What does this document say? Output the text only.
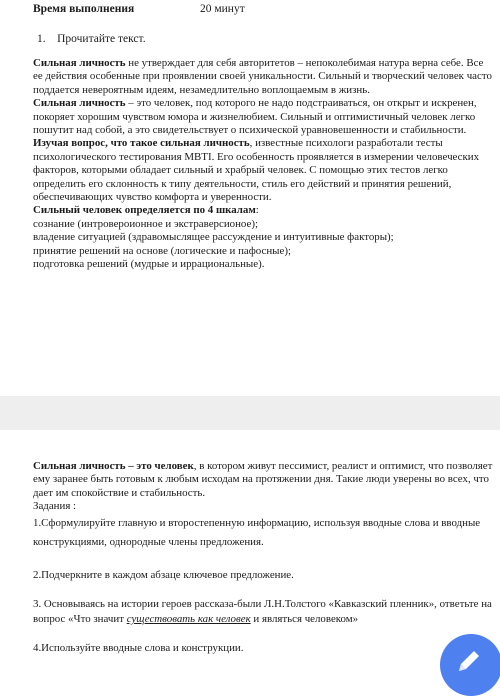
Время выполнения	20 минут
1. Прочитайте текст.

Сильная личность не утверждает для себя авторитетов – непоколебимая натура верна себе. Все ее действия особенные при проявлении своей уникальности. Сильный и творческий человек часто поддается невероятным идеям, незамедлительно воплощаемым в жизнь.

Сильная личность – это человек, под которого не надо подстраиваться, он открыт и искренен, покоряет хорошим чувством юмора и жизнелюбием. Сильный и оптимистичный человек легко пошутит над собой, а это свидетельствует о психической уравновешенности и стабильности.

Изучая вопрос, что такое сильная личность, известные психологи разработали тесты психологического тестирования MBTI. Его особенность проявляется в измерении человеческих факторов, которыми обладает сильный и храбрый человек. С помощью этих тестов легко определить его склонность к типу деятельности, стиль его действий и принятия решений, обеспечивающих чувство комфорта и уверенности.

Сильный человек определяется по 4 шкалам:

сознание (интровероионное и экстраверсионое);

владение ситуацией (здравомыслящее рассуждение и интуитивные факторы);

принятие решений на основе (логические и пафосные);

подготовка решений (мудрые и иррациональные).

Сильная личность – это человек, в котором живут пессимист, реалист и оптимист, что позволяет ему заранее быть готовым к любым исходам на протяжении дня. Такие люди уверены во всех, что дает им спокойствие и стабильность.

Задания :

1.Сформулируйте главную и второстепенную информацию, используя вводные слова и вводные конструкциями, однородные члены предложения.

2.Подчеркните в каждом абзаце ключевое предложение.

3. Основываясь на истории героев рассказа-были Л.Н.Толстого «Кавказский пленник», ответьте на вопрос «Что значит существовать как человек и являться человеком»

4.Используйте вводные слова и конструкции.
